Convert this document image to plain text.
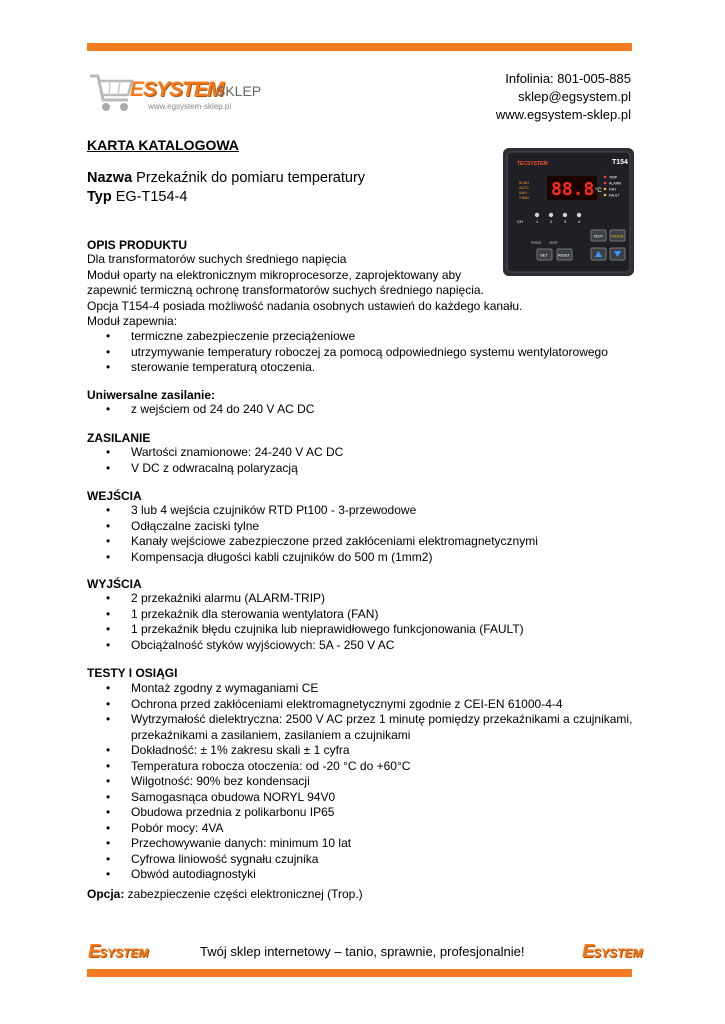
ESYSTEM
SKLEP
www.egsystem-sklep.pl
Infolinia: 801-005-885
sklep@egsystem.pl
www.egsystem-sklep.pl
KARTA KATALOGOWA
Nazwa Przekaźnik do pomiaru temperatury
Typ EG-T154-4
TECSYSTEM	T154
88.8 °C
SCAN
AUTO
MAN
T.MAX
TRIP
ALARM
FAN
FAULT
CH	1	2	3	4
PROG TEST
TEST MODE
SET	RESET
OPIS PRODUKTU
Dla transformatorów suchych średniego napięcia
Moduł oparty na elektronicznym mikroprocesorze, zaprojektowany aby
zapewnić termiczną ochronę transformatorów suchych średniego napięcia.
Opcja T154-4 posiada możliwość nadania osobnych ustawień do każdego kanału.
Moduł zapewnia:
• termiczne zabezpieczenie przeciążeniowe
• utrzymywanie temperatury roboczej za pomocą odpowiedniego systemu wentylatorowego
• sterowanie temperaturą otoczenia.
Uniwersalne zasilanie:
• z wejściem od 24 do 240 V AC DC
ZASILANIE
• Wartości znamionowe: 24-240 V AC DC
• V DC z odwracalną polaryzacją
WEJŚCIA
• 3 lub 4 wejścia czujników RTD Pt100 - 3-przewodowe
• Odłączalne zaciski tylne
• Kanały wejściowe zabezpieczone przed zakłóceniami elektromagnetycznymi
• Kompensacja długości kabli czujników do 500 m (1mm2)
WYJŚCIA
• 2 przekaźniki alarmu (ALARM-TRIP)
• 1 przekaźnik dla sterowania wentylatora (FAN)
• 1 przekaźnik błędu czujnika lub nieprawidłowego funkcjonowania (FAULT)
• Obciążalność styków wyjściowych: 5A - 250 V AC
TESTY I OSIĄGI
• Montaż zgodny z wymaganiami CE
• Ochrona przed zakłóceniami elektromagnetycznymi zgodnie z CEI-EN 61000-4-4
• Wytrzymałość dielektryczna: 2500 V AC przez 1 minutę pomiędzy przekaźnikami a czujnikami,
przekaźnikami a zasilaniem, zasilaniem a czujnikami
• Dokładność: ± 1% zakresu skali ± 1 cyfra
• Temperatura robocza otoczenia: od -20 °C do +60°C
• Wilgotność: 90% bez kondensacji
• Samogasnąca obudowa NORYL 94V0
• Obudowa przednia z polikarbonu IP65
• Pobór mocy: 4VA
• Przechowywanie danych: minimum 10 lat
• Cyfrowa liniowość sygnału czujnika
• Obwód autodiagnostyki
Opcja: zabezpieczenie części elektronicznej (Trop.)
ESYSTEM	Twój sklep internetowy – tanio, sprawnie, profesjonalnie!	ESYSTEM
